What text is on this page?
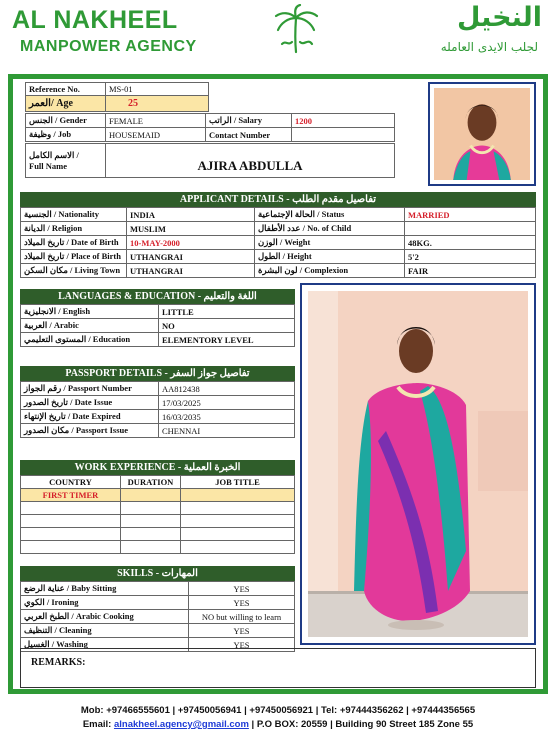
AL NAKHEEL
MANPOWER AGENCY
النخيل
لجلب الايدى العامله
Reference No.	MS-01
العمر/ Age	25
الجنس / Gender	FEMALE	الراتب / Salary	1200
وظيفة / Job	HOUSEMAID	Contact Number	
الاسم الكامل /
Full Name	AJIRA ABDULLA
APPLICANT DETAILS - تفاصيل مقدم الطلب
الجنسية / Nationality	INDIA	الحالة الإجتماعية / Status	MARRIED
الديانة / Religion	MUSLIM	عدد الأطفال / No. of Child	
تاريخ الميلاد / Date of Birth	10-MAY-2000	الوزن / Weight	48KG.
تاريخ الميلاد / Place of Birth	UTHANGRAI	الطول / Height	5'2
مكان السكن / Living Town	UTHANGRAI	لون البشرة / Complexion	FAIR
LANGUAGES & EDUCATION - اللغة والتعليم
الانجليزية / English	LITTLE
العربية / Arabic	NO
المستوى التعليمي / Education	ELEMENTORY LEVEL
PASSPORT DETAILS - تفاصيل جواز السفر
رقم الجواز / Passport Number	AA812438
تاريخ الصدور / Date Issue	17/03/2025
تاريخ الإنتهاء / Date Expired	16/03/2035
مكان الصدور / Passport Issue	CHENNAI
WORK EXPERIENCE - الخبرة العملية
COUNTRY	DURATION	JOB TITLE
FIRST TIMER		

SKILLS - المهارات
عناية الرضع / Baby Sitting	YES
الكوي / Ironing	YES
الطبخ العربي / Arabic Cooking	NO but willing to learn
التنظيف / Cleaning	YES
الغسيل / Washing	YES
REMARKS:
Mob: +97466555601 | +97450056941 | +97450056921 | Tel: +97444356262 | +97444356565
Email: alnakheel.agency@gmail.com | P.O BOX: 20559 | Building 90 Street 185 Zone 55
